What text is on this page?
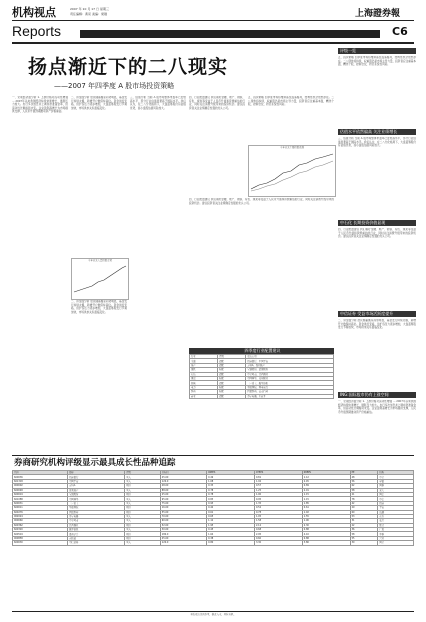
机构视点	2007 年 10 月 17 日 星期三
责任编辑：黄亮 美编：梁刚	上海證券報
Reports	C6
扬点渐近下的二八现实
——2007 年四季度 A 股市场投资策略
一、宏观经济面分析 1. 上游价格对流动性增强 ... 2007年以来我国经济持续快速增长，通胀压力加大。央行多次加息并上调存款准备金率，但流动性过剩格局未变。企业盈利高增长为市场提供支撑，人民币升值预期推动资产价格重估。
二、资金面分析 居民储蓄搬家趋势明显，基金发行持续火爆，新增开户数保持高位。资金供给充裕，但扩容压力逐步增加，大盘蓝筹股发行节奏加快，市场供求关系面临变化。
今年以来大盘指数走势
二、资金面分析 居民储蓄搬家趋势明显，基金发行持续火爆，新增开户数保持高位。资金供给充裕，但扩容压力逐步增加，大盘蓝筹股发行节奏加快，市场供求关系面临变化。
三、估值分析 当前 A 股市场整体市盈率已处较高水平，部分行业估值显著高于国际水平。我们认为，在二八分化格局下，大盘蓝筹股仍有估值优势，而小盘股估值风险加大。
四、行业配置建议 我们看好金融、地产、钢铁、有色、煤炭等受益于人民币升值和资源重估的行业，同时关注消费升级带来的投资机会。建议投资者关注业绩确定性强的龙头公司。
今年以来主要指数表现
五、投资策略 四季度市场将维持高位震荡格局，结构性机会依然存在。二八现象将持续，权重股仍是市场主导力量，投资者应注重基本面，精选个股，控制仓位，防范系统性风险。
四、行业配置建议 我们看好金融、地产、钢铁、有色、煤炭等受益于人民币升值和资源重估的行业，同时关注消费升级带来的投资机会。建议投资者关注业绩确定性强的龙头公司。
四季度行业配置建议
行业	评级	重点公司
金融	超配	招商银行、中国平安
地产	超配	万科A、保利地产
钢铁	标配	宝钢股份、武钢股份
有色	超配	中金岭南、江西铜业
煤炭	标配	中国神华、兖州煤业
机械	超配	三一重工、振华港机
电力	标配	华能国际、国电电力
医药	标配	恒瑞医药、云南白药
商业	超配	苏宁电器、王府井
评级一览
五、投资策略 四季度市场将维持高位震荡格局，结构性机会依然存在。二八现象将持续，权重股仍是市场主导力量，投资者应注重基本面，精选个股，控制仓位，防范系统性风险。
估值水平依然偏高 关注业绩增长
三、估值分析 当前 A 股市场整体市盈率已处较高水平，部分行业估值显著高于国际水平。我们认为，在二八分化格局下，大盘蓝筹股仍有估值优势，而小盘股估值风险加大。
中石化 长期投资价值显现
四、行业配置建议 我们看好金融、地产、钢铁、有色、煤炭等受益于人民币升值和资源重估的行业，同时关注消费升级带来的投资机会。建议投资者关注业绩确定性强的龙头公司。
中信证券 受益市场活跃度提升
二、资金面分析 居民储蓄搬家趋势明显，基金发行持续火爆，新增开户数保持高位。资金供给充裕，但扩容压力逐步增加，大盘蓝筹股发行节奏加快，市场供求关系面临变化。
ING:国际股市仍有上涨空间
一、宏观经济面分析 1. 上游价格对流动性增强 ... 2007年以来我国经济持续快速增长，通胀压力加大。央行多次加息并上调存款准备金率，但流动性过剩格局未变。企业盈利高增长为市场提供支撑，人民币升值预期推动资产价格重估。
券商研究机构评级显示最具成长性品种追踪
代码	简称	评级	目标价	06EPS	07EPS	08EPS	PE	机构
600036	招商银行	买入	45.00	0.49	0.81	1.12	48	中金
601318	中国平安	买入	120.0	1.08	1.92	2.45	56	申银
000002	万科A	增持	48.00	0.33	0.57	0.89	62	国泰
600048	保利地产	买入	88.00	0.78	1.25	2.01	58	光大
600019	宝钢股份	增持	25.00	0.78	1.00	1.15	21	国信
601088	中国神华	买入	95.00	0.83	0.95	1.15	78	中信
600031	三一重工	买入	75.00	0.93	1.35	1.85	42	招商
600011	华能国际	增持	16.00	0.42	0.52	0.61	29	平安
600276	恒瑞医药	增持	55.00	0.61	0.78	1.02	60	海通
002024	苏宁电器	买入	70.00	0.65	1.05	1.55	53	东方
000060	中金岭南	买入	60.00	1.12	1.58	1.90	31	长江
600362	江西铜业	增持	52.00	1.95	2.12	2.30	22	联合
600320	振华港机	买入	30.00	0.45	0.68	0.88	36	广发
600519	贵州茅台	增持	180.0	1.64	2.95	4.10	58	华泰
000858	五粮液	增持	45.00	0.38	0.60	0.88	55	兴业
600030	中信证券	买入	120.0	0.80	3.30	3.80	30	国金
本版观点仅供参考，据此入市，风险自担。
